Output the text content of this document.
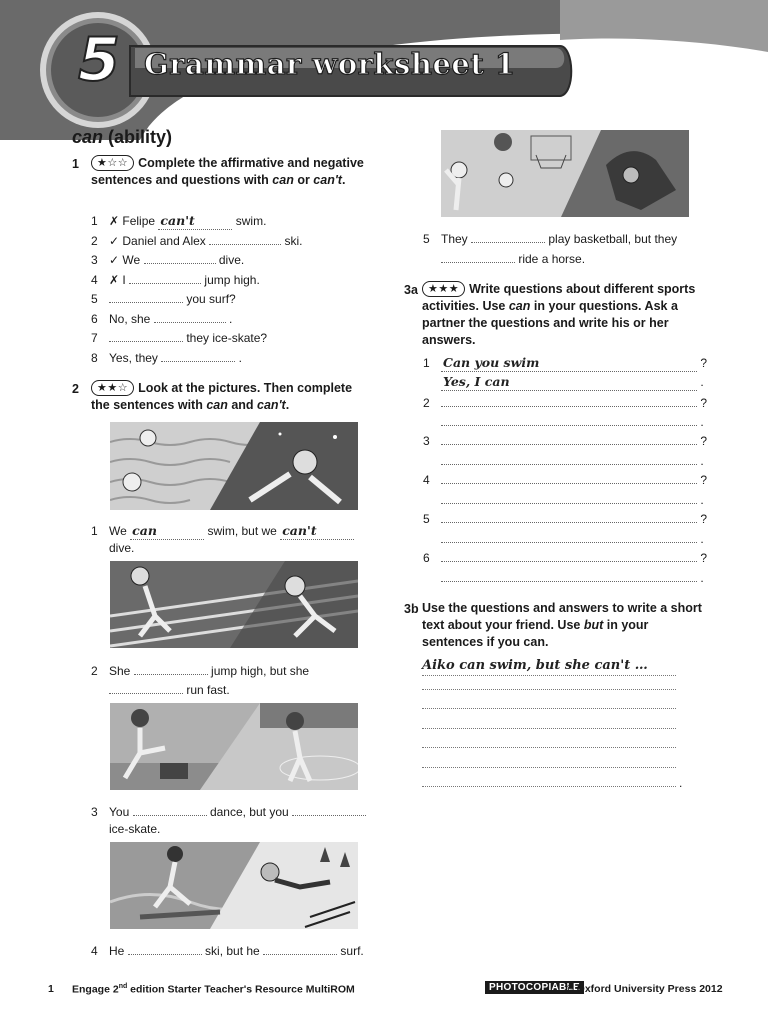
5 Grammar worksheet 1
can (ability)
1	★☆☆ Complete the affirmative and negative sentences and questions with can or can't.
1 ✗ Felipe can't	swim.
2 ✓ Daniel and Alex	ski.
3 ✓ We	dive.
4 ✗ I	jump high.
5	you surf?
6 No, she	.
7	they ice-skate?
8 Yes, they	.
2	★★☆ Look at the pictures. Then complete the sentences with can and can't.
1 We can	swim, but we can't
dive.
2 She	jump high, but she
run fast.
3 You	dance, but you
ice-skate.
4 He	ski, but he	surf.
5 They	play basketball, but they
ride a horse.
3a ★★★ Write questions about different sports activities. Use can in your questions. Ask a partner the questions and write his or her answers.
1 Can you swim	?
Yes, I can	.
2	?
.
3	?
.
4	?
.
5	?
.
6	?
.
3b Use the questions and answers to write a short text about your friend. Use but in your sentences if you can.
Aiko can swim, but she can't …
.
1 Engage 2nd edition Starter Teacher's Resource MultiROM	PHOTOCOPIABLE
© Oxford University Press 2012
